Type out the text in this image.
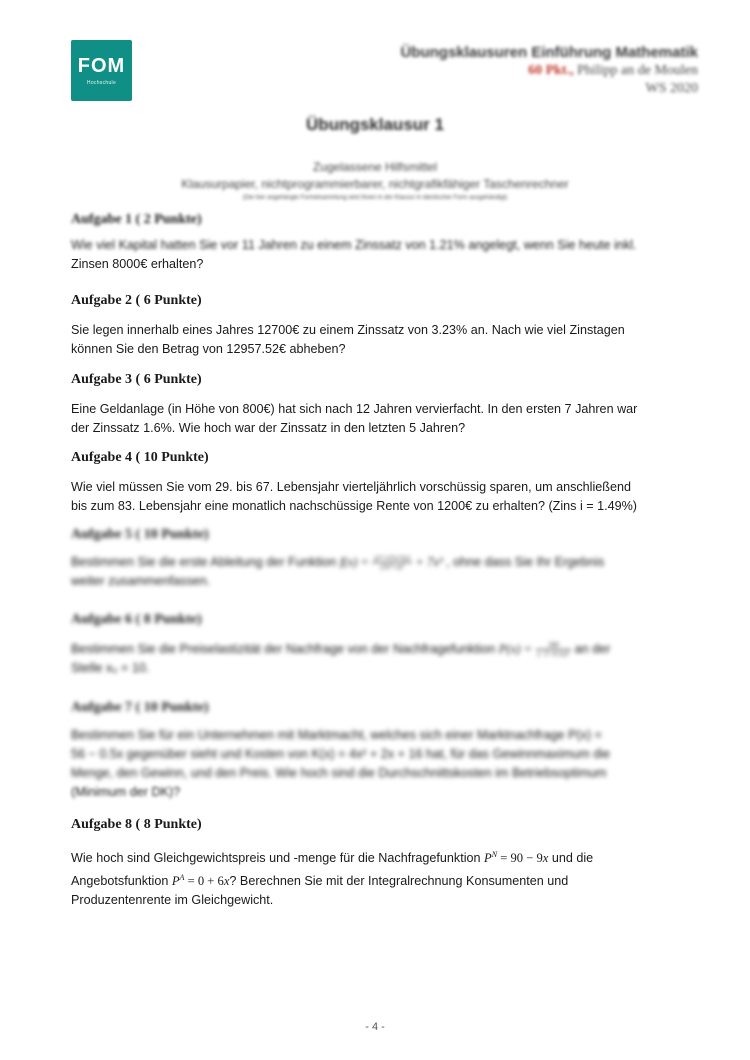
FOM
Hochschule
Übungsklausuren Einführung Mathematik
60 Pkt., Philipp an de Moulen
WS 2020
Übungsklausur 1
Zugelassene Hilfsmittel
Klausurpapier, nichtprogrammierbarer, nichtgrafikfähiger Taschenrechner
(Die hier angehängte Formelsammlung wird Ihnen in der Klausur in identischer Form ausgehändigt)
Aufgabe 1 ( 2 Punkte)
Wie viel Kapital hatten Sie vor 11 Jahren zu einem Zinssatz von 1.21% angelegt, wenn Sie heute inkl.
Zinsen 8000€ erhalten?
Aufgabe 2 ( 6 Punkte)
Sie legen innerhalb eines Jahres 12700€ zu einem Zinssatz von 3.23% an. Nach wie viel Zinstagen
können Sie den Betrag von 12957.52€ abheben?
Aufgabe 3 ( 6 Punkte)
Eine Geldanlage (in Höhe von 800€) hat sich nach 12 Jahren vervierfacht. In den ersten 7 Jahren war
der Zinssatz 1.6%. Wie hoch war der Zinssatz in den letzten 5 Jahren?
Aufgabe 4 ( 10 Punkte)
Wie viel müssen Sie vom 29. bis 67. Lebensjahr vierteljährlich vorschüssig sparen, um anschließend
bis zum 83. Lebensjahr eine monatlich nachschüssige Rente von 1200€ zu erhalten? (Zins i = 1.49%)
Aufgabe 5 ( 10 Punkte)
Bestimmen Sie die erste Ableitung der Funktion $f(x) = \frac{\text{(x²+x²)·e\textasciicircum{}(x)}}{\text{(3x²+x)²}} + 7x^3$ , ohne dass Sie Ihr Ergebnis
weiter zusammenfassen.
Aufgabe 6 ( 8 Punkte)
Bestimmen Sie die Preiselastizität der Nachfrage von der Nachfragefunktion $P(x) = \frac{300}{\text{(−3−0.1x)²}}$ an der
Stelle x₀ = 10.
Aufgabe 7 ( 10 Punkte)
Bestimmen Sie für ein Unternehmen mit Marktmacht, welches sich einer Marktnachfrage P(x) =
56 − 0.5x gegenüber sieht und Kosten von K(x) = 4x² + 2x + 16 hat, für das Gewinnmaximum die
Menge, den Gewinn, und den Preis. Wie hoch sind die Durchschnittskosten im Betriebsoptimum
(Minimum der DK)?
Aufgabe 8 ( 8 Punkte)
Wie hoch sind Gleichgewichtspreis und -menge für die Nachfragefunktion $P^N = 90 - 9x$ und die
Angebotsfunktion $P^A = 0 + 6x$? Berechnen Sie mit der Integralrechnung Konsumenten und
Produzentenrente im Gleichgewicht.
- 4 -
